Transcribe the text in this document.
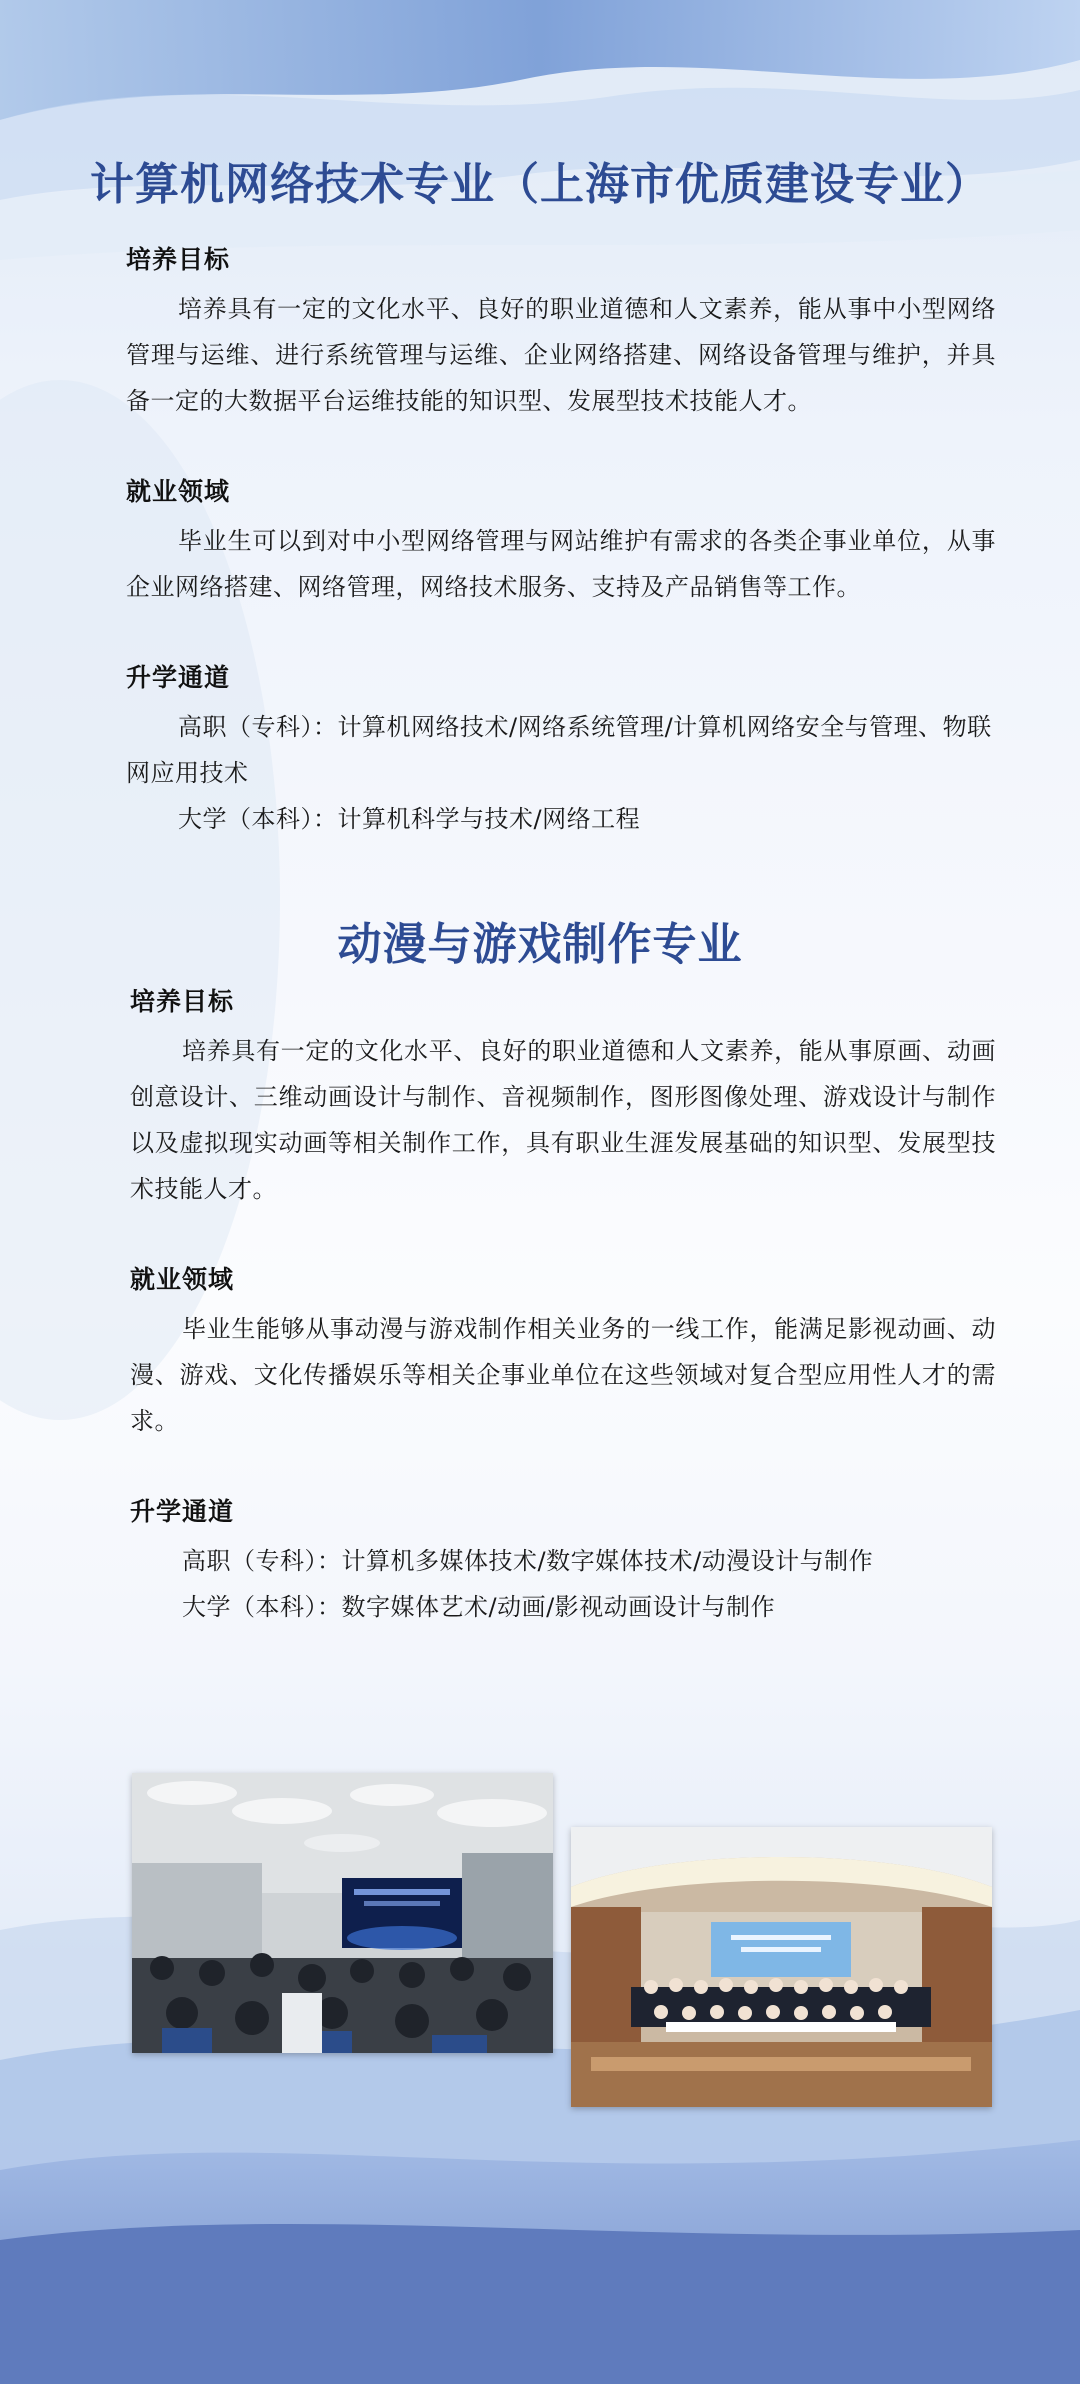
计算机网络技术专业（上海市优质建设专业）
培养目标

培养具有一定的文化水平、良好的职业道德和人文素养，能从事中小型网络管理与运维、进行系统管理与运维、企业网络搭建、网络设备管理与维护，并具备一定的大数据平台运维技能的知识型、发展型技术技能人才。

就业领域

毕业生可以到对中小型网络管理与网站维护有需求的各类企事业单位，从事企业网络搭建、网络管理，网络技术服务、支持及产品销售等工作。

升学通道

高职（专科）：计算机网络技术/网络系统管理/计算机网络安全与管理、物联网应用技术

大学（本科）：计算机科学与技术/网络工程

动漫与游戏制作专业
培养目标

培养具有一定的文化水平、良好的职业道德和人文素养，能从事原画、动画创意设计、三维动画设计与制作、音视频制作，图形图像处理、游戏设计与制作以及虚拟现实动画等相关制作工作，具有职业生涯发展基础的知识型、发展型技术技能人才。

就业领域

毕业生能够从事动漫与游戏制作相关业务的一线工作，能满足影视动画、动漫、游戏、文化传播娱乐等相关企事业单位在这些领域对复合型应用性人才的需求。

升学通道

高职（专科）：计算机多媒体技术/数字媒体技术/动漫设计与制作

大学（本科）：数字媒体艺术/动画/影视动画设计与制作
